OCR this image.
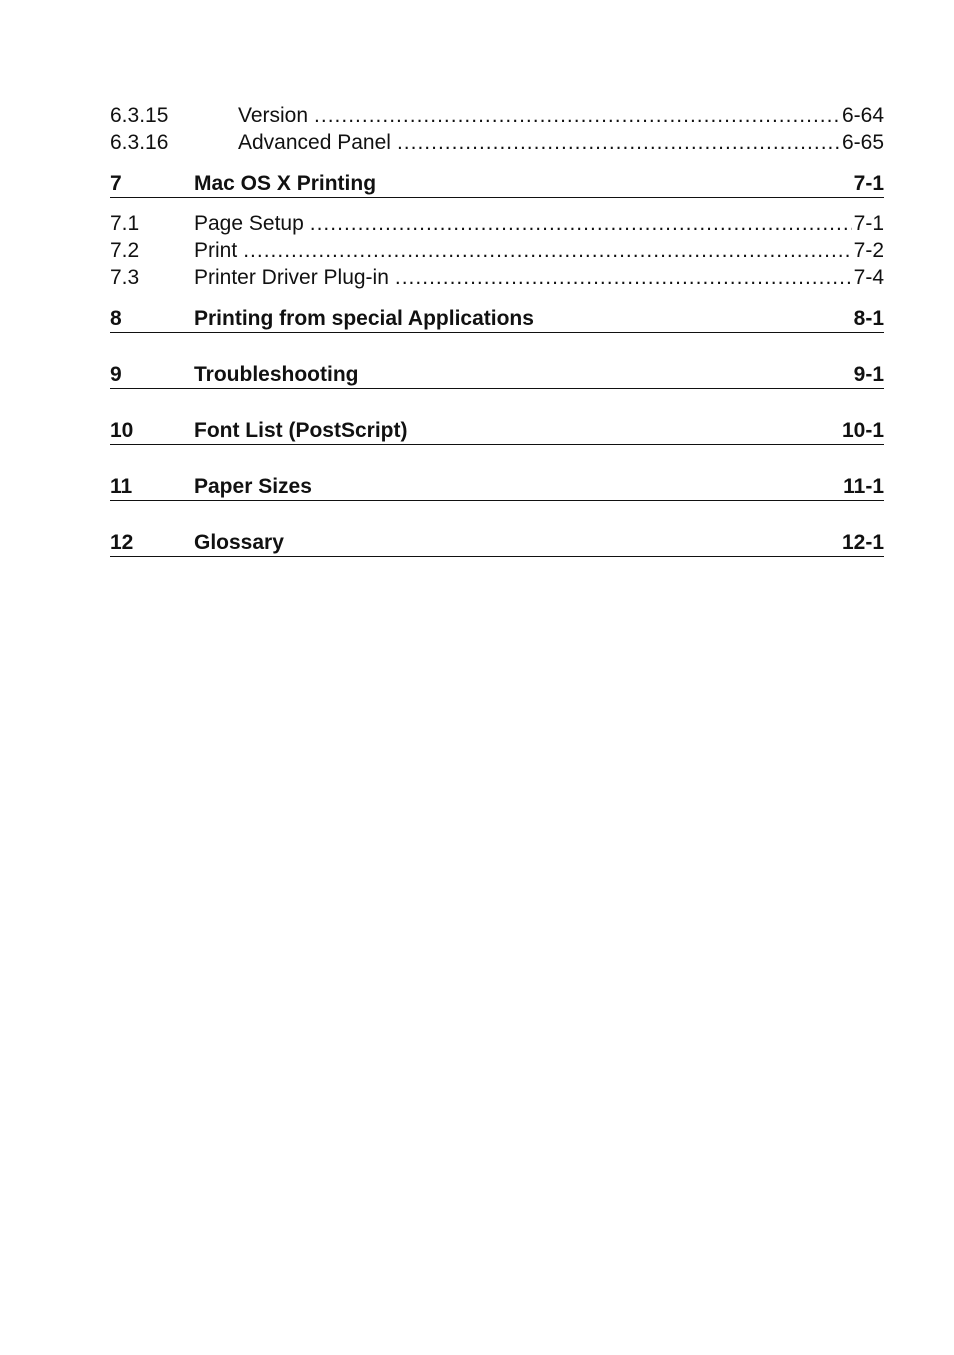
6.3.15	Version .....	6-64
6.3.16	Advanced Panel .....	6-65
7	Mac OS X Printing	7-1
7.1	Page Setup .....	7-1
7.2	Print .....	7-2
7.3	Printer Driver Plug-in .....	7-4
8	Printing from special Applications	8-1
9	Troubleshooting	9-1
10	Font List (PostScript)	10-1
11	Paper Sizes	11-1
12	Glossary	12-1
